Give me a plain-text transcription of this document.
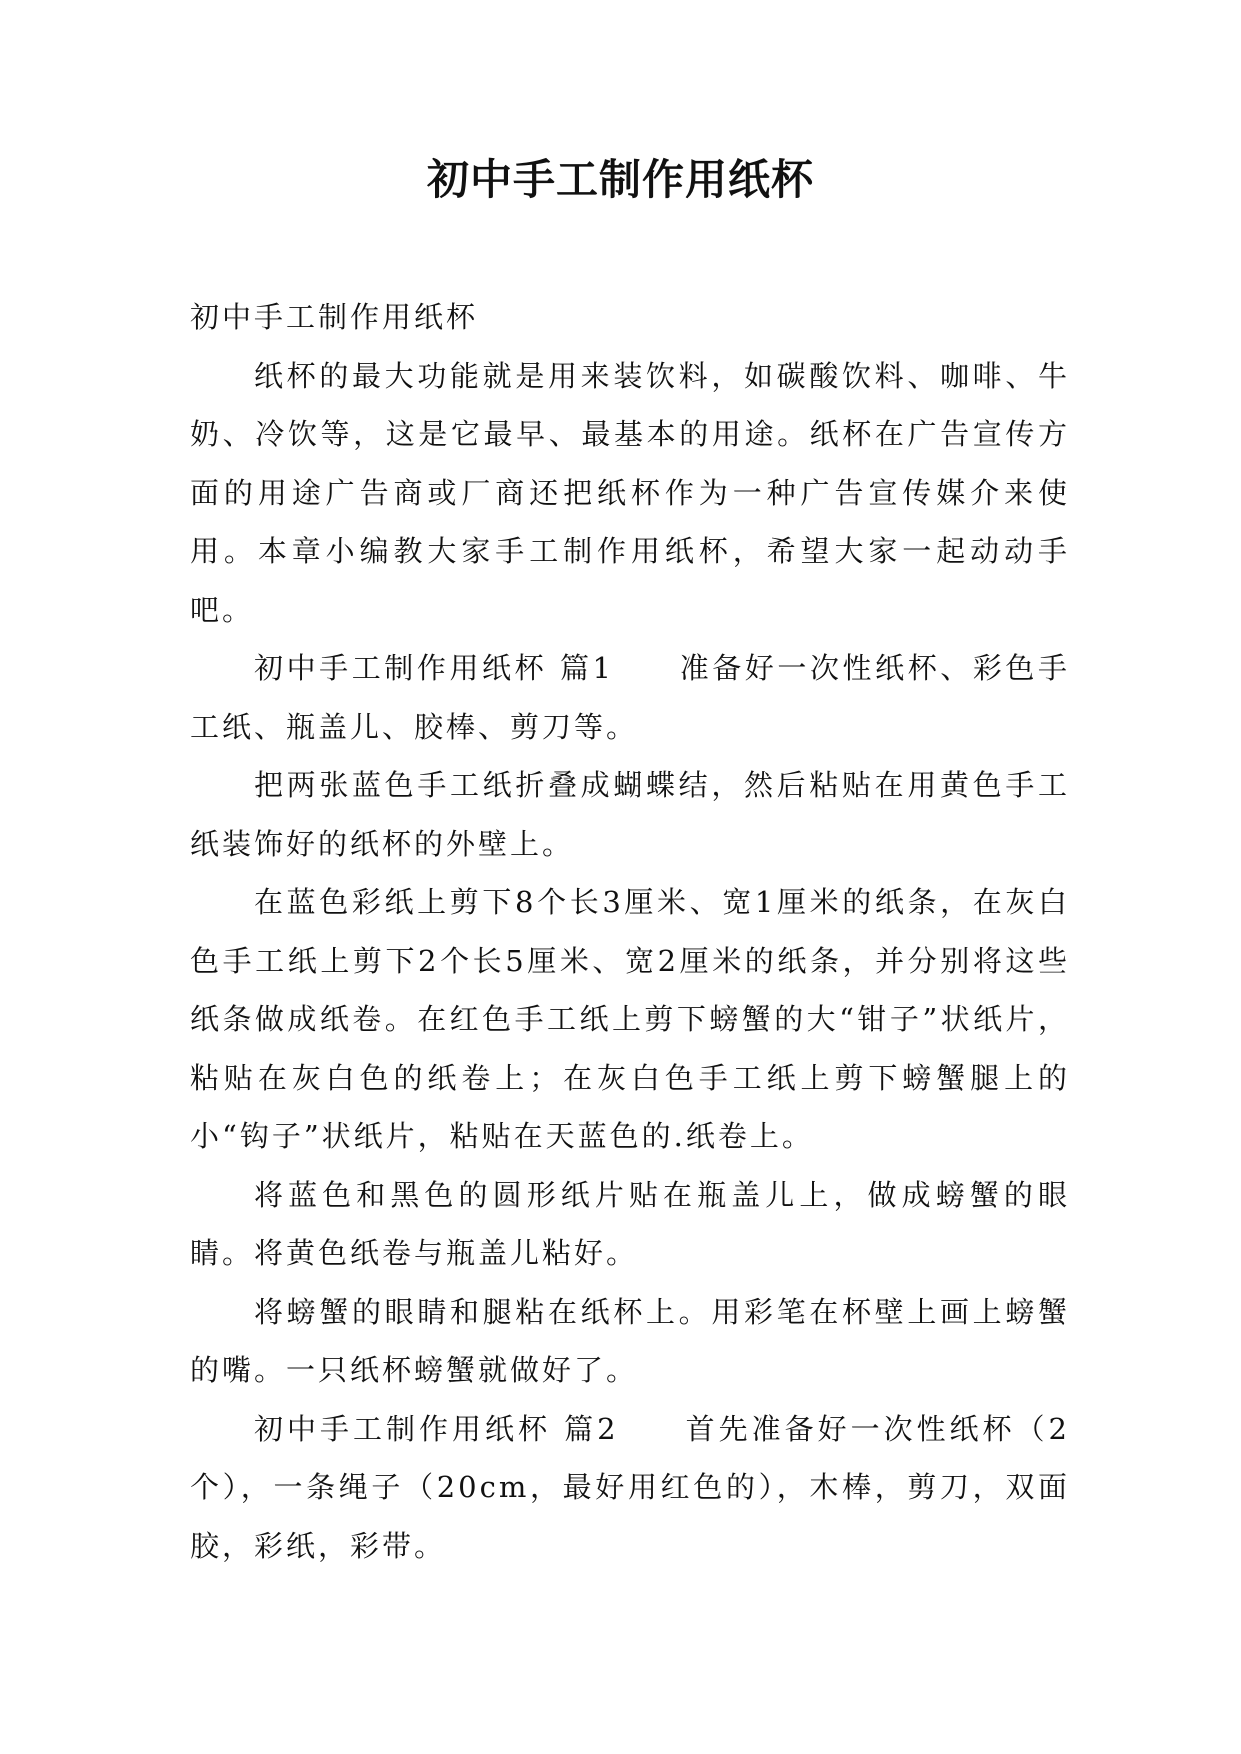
初中手工制作用纸杯

初中手工制作用纸杯

纸杯的最大功能就是用来装饮料，如碳酸饮料、咖啡、牛奶、冷饮等，这是它最早、最基本的用途。纸杯在广告宣传方面的用途广告商或厂商还把纸杯作为一种广告宣传媒介来使用。本章小编教大家手工制作用纸杯，希望大家一起动动手吧。

初中手工制作用纸杯 篇1　　准备好一次性纸杯、彩色手工纸、瓶盖儿、胶棒、剪刀等。

把两张蓝色手工纸折叠成蝴蝶结，然后粘贴在用黄色手工纸装饰好的纸杯的外壁上。

在蓝色彩纸上剪下8个长3厘米、宽1厘米的纸条，在灰白色手工纸上剪下2个长5厘米、宽2厘米的纸条，并分别将这些纸条做成纸卷。在红色手工纸上剪下螃蟹的大“钳子”状纸片，粘贴在灰白色的纸卷上；在灰白色手工纸上剪下螃蟹腿上的小“钩子”状纸片，粘贴在天蓝色的.纸卷上。

将蓝色和黑色的圆形纸片贴在瓶盖儿上，做成螃蟹的眼睛。将黄色纸卷与瓶盖儿粘好。

将螃蟹的眼睛和腿粘在纸杯上。用彩笔在杯壁上画上螃蟹的嘴。一只纸杯螃蟹就做好了。

初中手工制作用纸杯 篇2　　首先准备好一次性纸杯（2个），一条绳子（20cm，最好用红色的），木棒，剪刀，双面胶，彩纸，彩带。
